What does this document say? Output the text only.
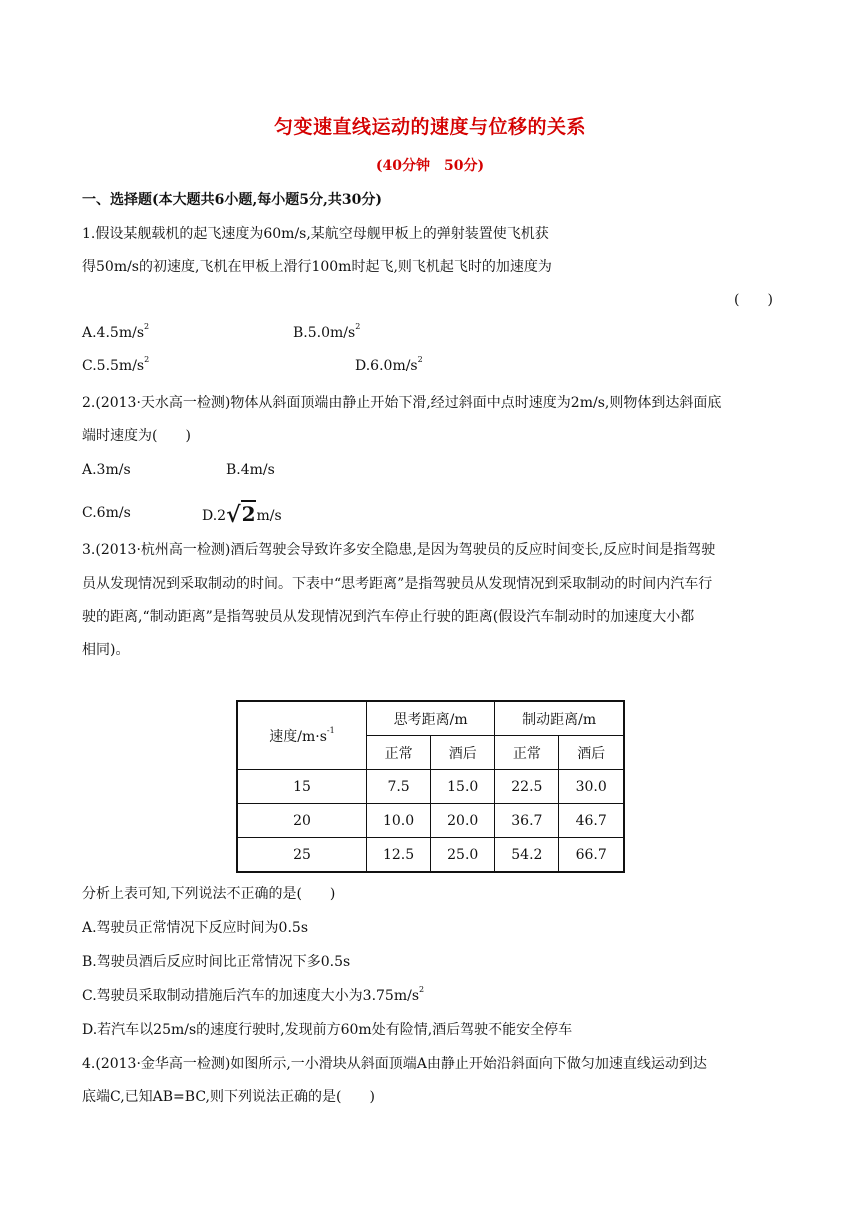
匀变速直线运动的速度与位移的关系
(40分钟　50分)
一、选择题(本大题共6小题,每小题5分,共30分)
1.假设某舰载机的起飞速度为60m/s,某航空母舰甲板上的弹射装置使飞机获
得50m/s的初速度,飞机在甲板上滑行100m时起飞,则飞机起飞时的加速度为
(　　)
$A.4.5m/s^2$	$B.5.0m/s^2$
$C.5.5m/s^2$	$D.6.0m/s^2$
2.(2013·天水高一检测)物体从斜面顶端由静止开始下滑,经过斜面中点时速度为2m/s,则物体到达斜面底
端时速度为(　　)
A.3m/s	B.4m/s
C.6m/s	D.2√2m/s
3.(2013·杭州高一检测)酒后驾驶会导致许多安全隐患,是因为驾驶员的反应时间变长,反应时间是指驾驶
员从发现情况到采取制动的时间。下表中“思考距离”是指驾驶员从发现情况到采取制动的时间内汽车行
驶的距离,“制动距离”是指驾驶员从发现情况到汽车停止行驶的距离(假设汽车制动时的加速度大小都
相同)。
速度$/m\cdot s^{-1}$	思考距离/m		制动距离/m	
	正常	酒后	正常	酒后
15	7.5	15.0	22.5	30.0
20	10.0	20.0	36.7	46.7
25	12.5	25.0	54.2	66.7
分析上表可知,下列说法不正确的是(　　)
A.驾驶员正常情况下反应时间为0.5s
B.驾驶员酒后反应时间比正常情况下多0.5s
C.驾驶员采取制动措施后汽车的加速度大小为$3.75m/s^2$
D.若汽车以25m/s的速度行驶时,发现前方60m处有险情,酒后驾驶不能安全停车
4.(2013·金华高一检测)如图所示,一小滑块从斜面顶端A由静止开始沿斜面向下做匀加速直线运动到达
底端C,已知AB=BC,则下列说法正确的是(　　)
